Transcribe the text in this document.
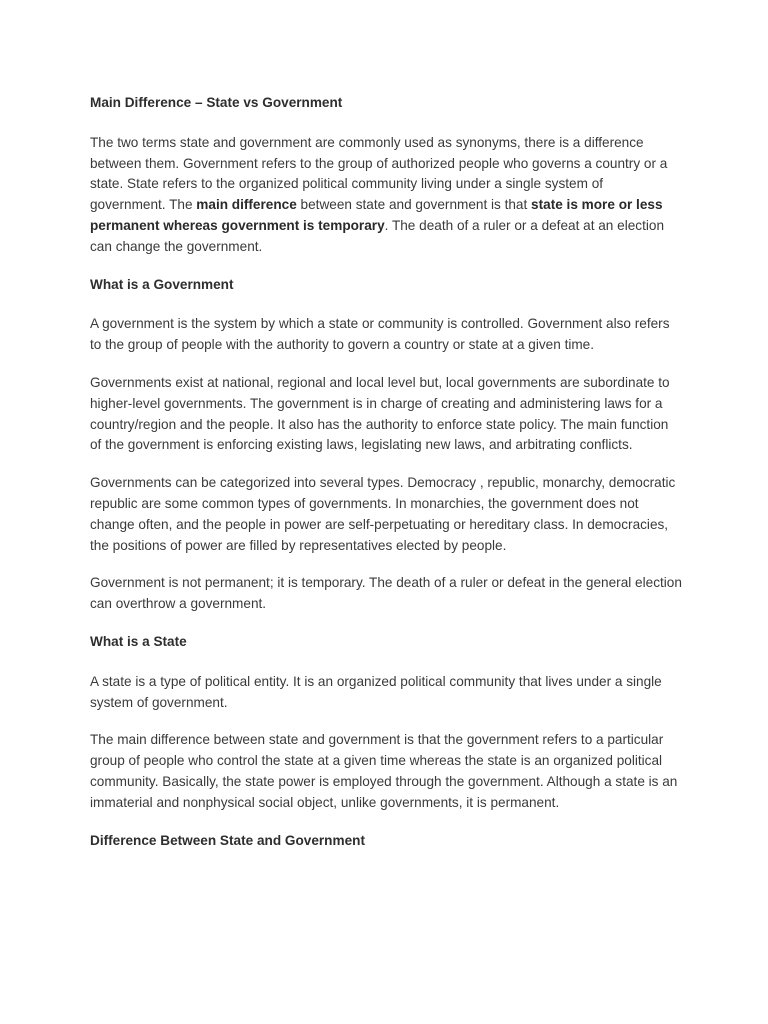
Main Difference – State vs Government

The two terms state and government are commonly used as synonyms, there is a difference between them. Government refers to the group of authorized people who governs a country or a state. State refers to the organized political community living under a single system of government. The main difference between state and government is that state is more or less permanent whereas government is temporary. The death of a ruler or a defeat at an election can change the government.

What is a Government

A government is the system by which a state or community is controlled. Government also refers to the group of people with the authority to govern a country or state at a given time.

Governments exist at national, regional and local level but, local governments are subordinate to higher-level governments. The government is in charge of creating and administering laws for a country/region and the people. It also has the authority to enforce state policy. The main function of the government is enforcing existing laws, legislating new laws, and arbitrating conflicts.

Governments can be categorized into several types. Democracy , republic, monarchy, democratic republic are some common types of governments. In monarchies, the government does not change often, and the people in power are self-perpetuating or hereditary class. In democracies, the positions of power are filled by representatives elected by people.

Government is not permanent; it is temporary. The death of a ruler or defeat in the general election can overthrow a government.

What is a State

A state is a type of political entity. It is an organized political community that lives under a single system of government.

The main difference between state and government is that the government refers to a particular group of people who control the state at a given time whereas the state is an organized political community. Basically, the state power is employed through the government. Although a state is an immaterial and nonphysical social object, unlike governments, it is permanent.

Difference Between State and Government
